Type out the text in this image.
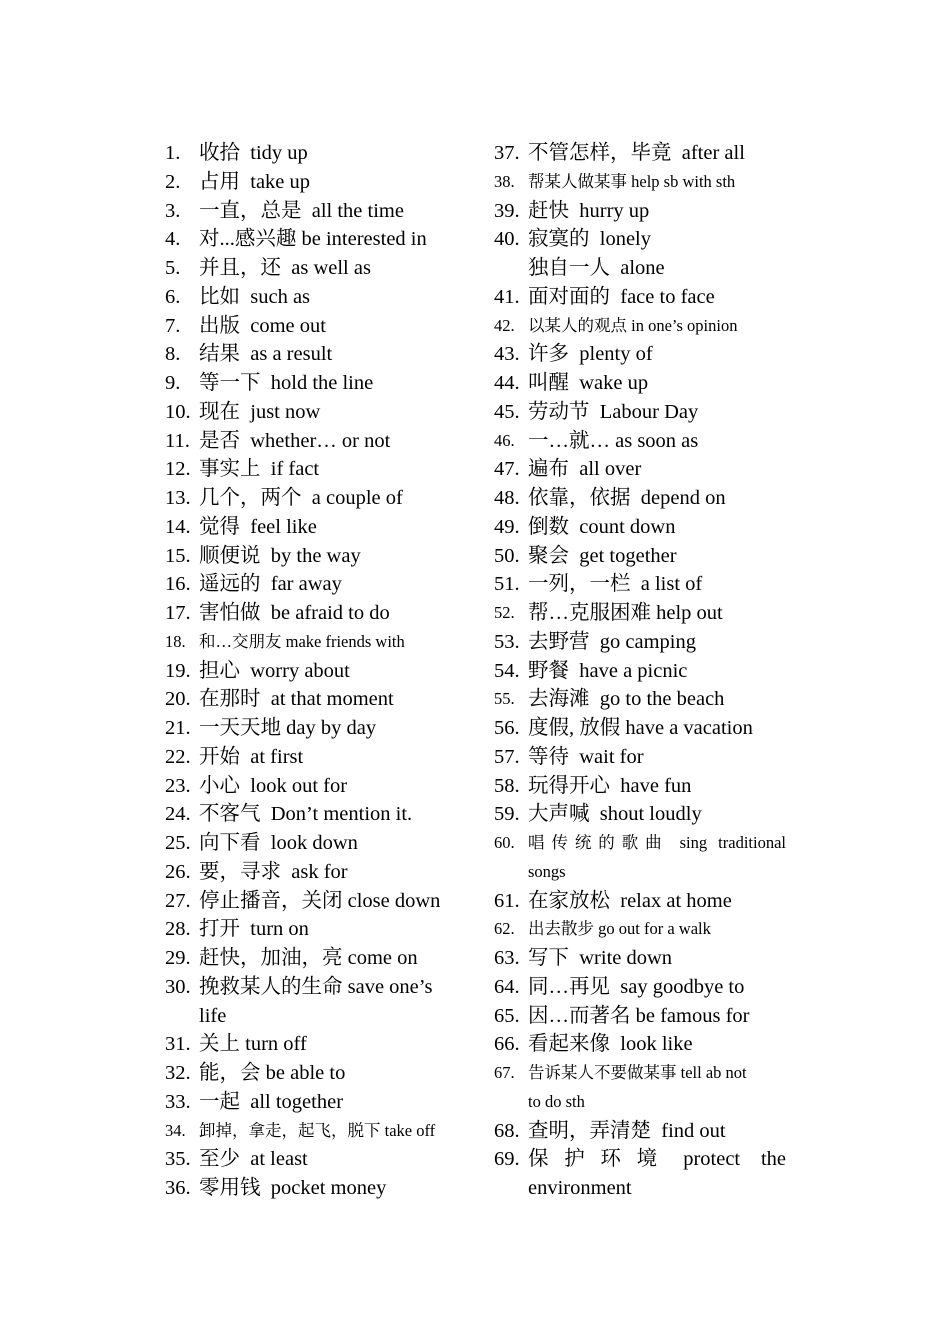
1. 收拾  tidy up
2. 占用  take up
3. 一直，总是  all the time
4. 对...感兴趣 be interested in
5. 并且，还  as well as
6. 比如  such as
7. 出版  come out
8. 结果  as a result
9. 等一下  hold the line
10. 现在  just now
11. 是否  whether… or not
12. 事实上  if fact
13. 几个，两个  a couple of
14. 觉得  feel like
15. 顺便说  by the way
16. 遥远的  far away
17. 害怕做  be afraid to do
18. 和…交朋友 make friends with
19. 担心  worry about
20. 在那时  at that moment
21. 一天天地 day by day
22. 开始  at first
23. 小心  look out for
24. 不客气  Don’t mention it.
25. 向下看  look down
26. 要，寻求  ask for
27. 停止播音，关闭 close down
28. 打开  turn on
29. 赶快，加油，亮 come on
30. 挽救某人的生命 save one’s
life
31. 关上 turn off
32. 能，会 be able to
33. 一起  all together
34. 卸掉，拿走，起飞，脱下 take off
35. 至少  at least
36. 零用钱  pocket money
37. 不管怎样，毕竟  after all
38. 帮某人做某事 help sb with sth
39. 赶快  hurry up
40. 寂寞的  lonely
独自一人  alone
41. 面对面的  face to face
42. 以某人的观点 in one’s opinion
43. 许多  plenty of
44. 叫醒  wake up
45. 劳动节  Labour Day
46. 一…就… as soon as
47. 遍布  all over
48. 依靠，依据  depend on
49. 倒数  count down
50. 聚会  get together
51. 一列，一栏  a list of
52. 帮…克服困难 help out
53. 去野营  go camping
54. 野餐  have a picnic
55. 去海滩  go to the beach
56. 度假, 放假 have a vacation
57. 等待  wait for
58. 玩得开心  have fun
59. 大声喊  shout loudly
60. 唱传统的歌曲 sing traditional
songs
61. 在家放松  relax at home
62. 出去散步 go out for a walk
63. 写下  write down
64. 同…再见  say goodbye to
65. 因…而著名 be famous for
66. 看起来像  look like
67. 告诉某人不要做某事 tell ab not
to do sth
68. 查明，弄清楚  find out
69. 保 护 环 境  protect  the
environment
